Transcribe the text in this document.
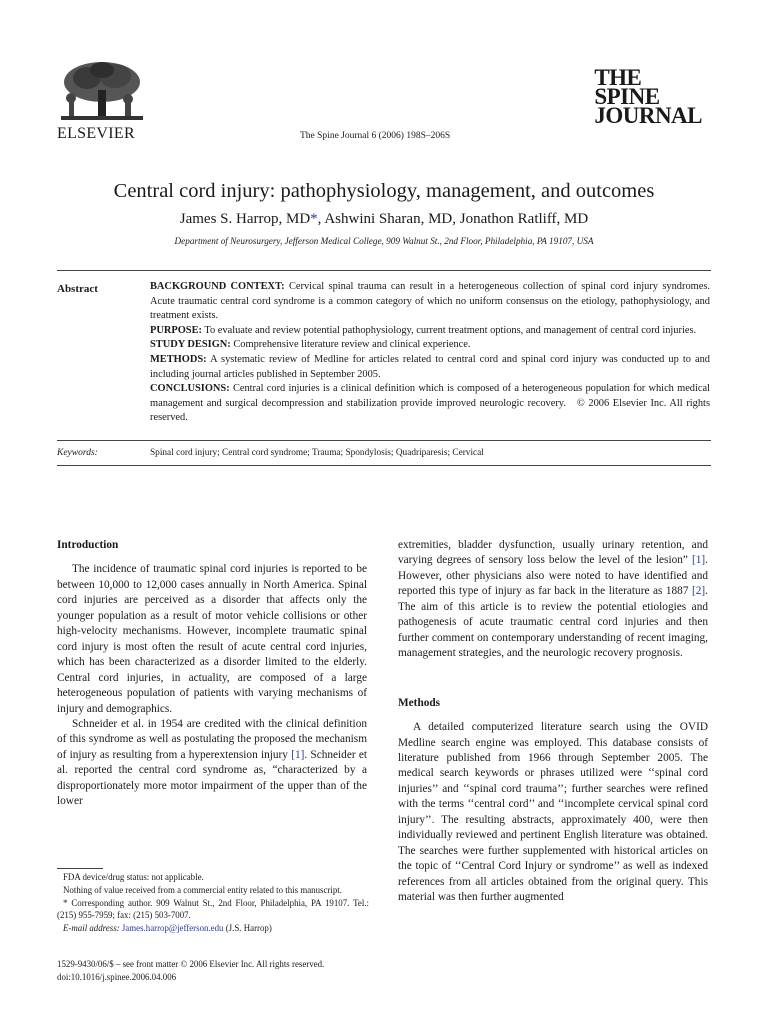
ELSEVIER	The Spine Journal 6 (2006) 198S–206S
THE
SPINE
JOURNAL
Central cord injury: pathophysiology, management, and outcomes
James S. Harrop, MD*, Ashwini Sharan, MD, Jonathon Ratliff, MD
Department of Neurosurgery, Jefferson Medical College, 909 Walnut St., 2nd Floor, Philadelphia, PA 19107, USA
Abstract	BACKGROUND CONTEXT: Cervical spinal trauma can result in a heterogeneous collection of spinal cord injury syndromes. Acute traumatic central cord syndrome is a common category of which no uniform consensus on the etiology, pathophysiology, and treatment exists.

PURPOSE: To evaluate and review potential pathophysiology, current treatment options, and management of central cord injuries.

STUDY DESIGN: Comprehensive literature review and clinical experience.

METHODS: A systematic review of Medline for articles related to central cord and spinal cord injury was conducted up to and including journal articles published in September 2005.

CONCLUSIONS: Central cord injuries is a clinical definition which is composed of a heterogeneous population for which medical management and surgical decompression and stabilization provide improved neurologic recovery. © 2006 Elsevier Inc. All rights reserved.

Keywords:	Spinal cord injury; Central cord syndrome; Trauma; Spondylosis; Quadriparesis; Cervical
Introduction

The incidence of traumatic spinal cord injuries is reported to be between 10,000 to 12,000 cases annually in North America. Spinal cord injuries are perceived as a disorder that affects only the younger population as a result of motor vehicle collisions or other high-velocity mechanisms. However, incomplete traumatic spinal cord injury is most often the result of acute central cord injuries, which has been characterized as a disorder limited to the elderly. Central cord injuries, in actuality, are composed of a large heterogeneous population of patients with varying mechanisms of injury and demographics.

Schneider et al. in 1954 are credited with the clinical definition of this syndrome as well as postulating the proposed the mechanism of injury as resulting from a hyperextension injury [1]. Schneider et al. reported the central cord syndrome as, “characterized by a disproportionately more motor impairment of the upper than of the lower

extremities, bladder dysfunction, usually urinary retention, and varying degrees of sensory loss below the level of the lesion” [1]. However, other physicians also were noted to have identified and reported this type of injury as far back in the literature as 1887 [2]. The aim of this article is to review the potential etiologies and pathogenesis of acute traumatic central cord injuries and then further comment on contemporary understanding of recent imaging, management strategies, and the neurologic recovery prognosis.

Methods

A detailed computerized literature search using the OVID Medline search engine was employed. This database consists of literature published from 1966 through September 2005. The medical search keywords or phrases utilized were ‘‘spinal cord injuries’’ and ‘‘spinal cord trauma’’; further searches were refined with the terms ‘‘central cord’’ and ‘‘incomplete cervical spinal cord injury’’. The resulting abstracts, approximately 400, were then individually reviewed and pertinent English literature was obtained. The searches were further supplemented with historical articles on the topic of ‘‘Central Cord Injury or syndrome’’ as well as indexed references from all articles obtained from the original query. This material was then further augmented

FDA device/drug status: not applicable.

Nothing of value received from a commercial entity related to this manuscript.

* Corresponding author. 909 Walnut St., 2nd Floor, Philadelphia, PA 19107. Tel.: (215) 955-7959; fax: (215) 503-7007.

E-mail address: James.harrop@jefferson.edu (J.S. Harrop)

1529-9430/06/$ – see front matter © 2006 Elsevier Inc. All rights reserved.
doi:10.1016/j.spinee.2006.04.006
